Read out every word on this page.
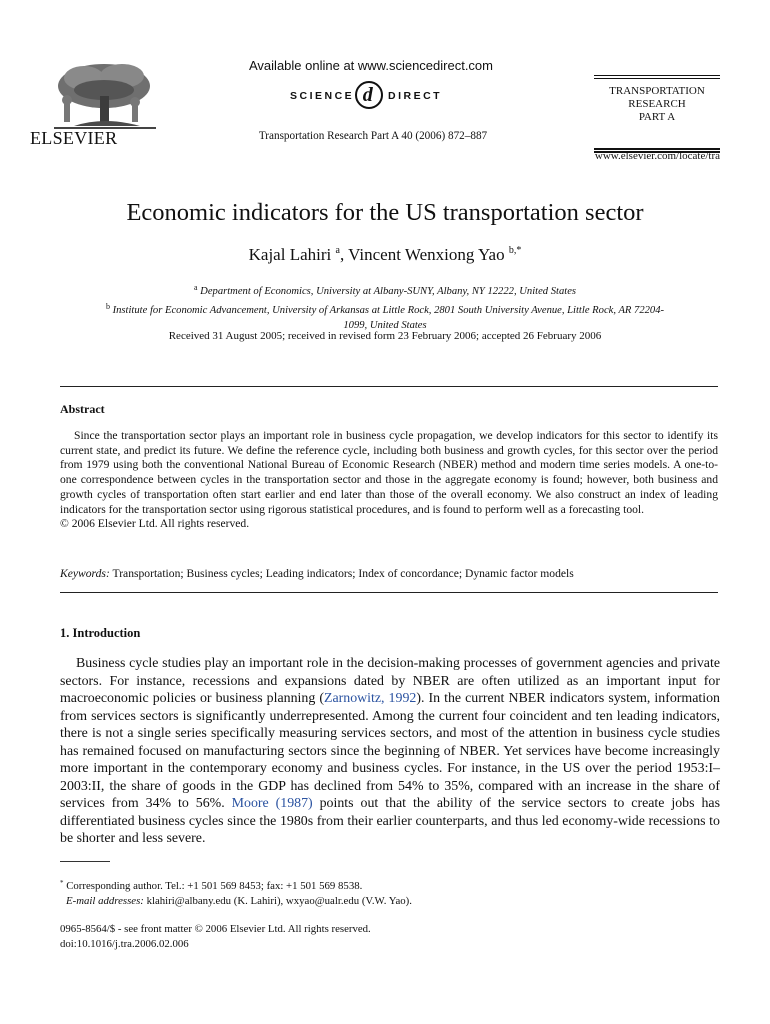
ELSEVIER
Available online at www.sciencedirect.com
SCIENCE d DIRECT
Transportation Research Part A 40 (2006) 872–887
TRANSPORTATION
RESEARCH
PART A
www.elsevier.com/locate/tra
Economic indicators for the US transportation sector
Kajal Lahiri $^a$, Vincent Wenxiong Yao $^{b,*}$
$^a$ Department of Economics, University at Albany-SUNY, Albany, NY 12222, United States
$^b$ Institute for Economic Advancement, University of Arkansas at Little Rock, 2801 South University Avenue, Little Rock, AR 72204-1099, United States
Received 31 August 2005; received in revised form 23 February 2006; accepted 26 February 2006
Abstract
Since the transportation sector plays an important role in business cycle propagation, we develop indicators for this sector to identify its current state, and predict its future. We define the reference cycle, including both business and growth cycles, for this sector over the period from 1979 using both the conventional National Bureau of Economic Research (NBER) method and modern time series models. A one-to-one correspondence between cycles in the transportation sector and those in the aggregate economy is found; however, both business and growth cycles of transportation often start earlier and end later than those of the overall economy. We also construct an index of leading indicators for the transportation sector using rigorous statistical procedures, and is found to perform well as a forecasting tool.
© 2006 Elsevier Ltd. All rights reserved.
Keywords: Transportation; Business cycles; Leading indicators; Index of concordance; Dynamic factor models
1. Introduction
Business cycle studies play an important role in the decision-making processes of government agencies and private sectors. For instance, recessions and expansions dated by NBER are often utilized as an important input for macroeconomic policies or business planning (Zarnowitz, 1992). In the current NBER indicators system, information from services sectors is significantly underrepresented. Among the current four coincident and ten leading indicators, there is not a single series specifically measuring services sectors, and most of the attention in business cycle studies has remained focused on manufacturing sectors since the beginning of NBER. Yet services have become increasingly more important in the contemporary economy and business cycles. For instance, in the US over the period 1953:I–2003:II, the share of goods in the GDP has declined from 54% to 35%, compared with an increase in the share of services from 34% to 56%. Moore (1987) points out that the ability of the service sectors to create jobs has differentiated business cycles since the 1980s from their earlier counterparts, and thus led economy-wide recessions to be shorter and less severe.
* Corresponding author. Tel.: +1 501 569 8453; fax: +1 501 569 8538.
E-mail addresses: klahiri@albany.edu (K. Lahiri), wxyao@ualr.edu (V.W. Yao).
0965-8564/$ - see front matter © 2006 Elsevier Ltd. All rights reserved.
doi:10.1016/j.tra.2006.02.006
